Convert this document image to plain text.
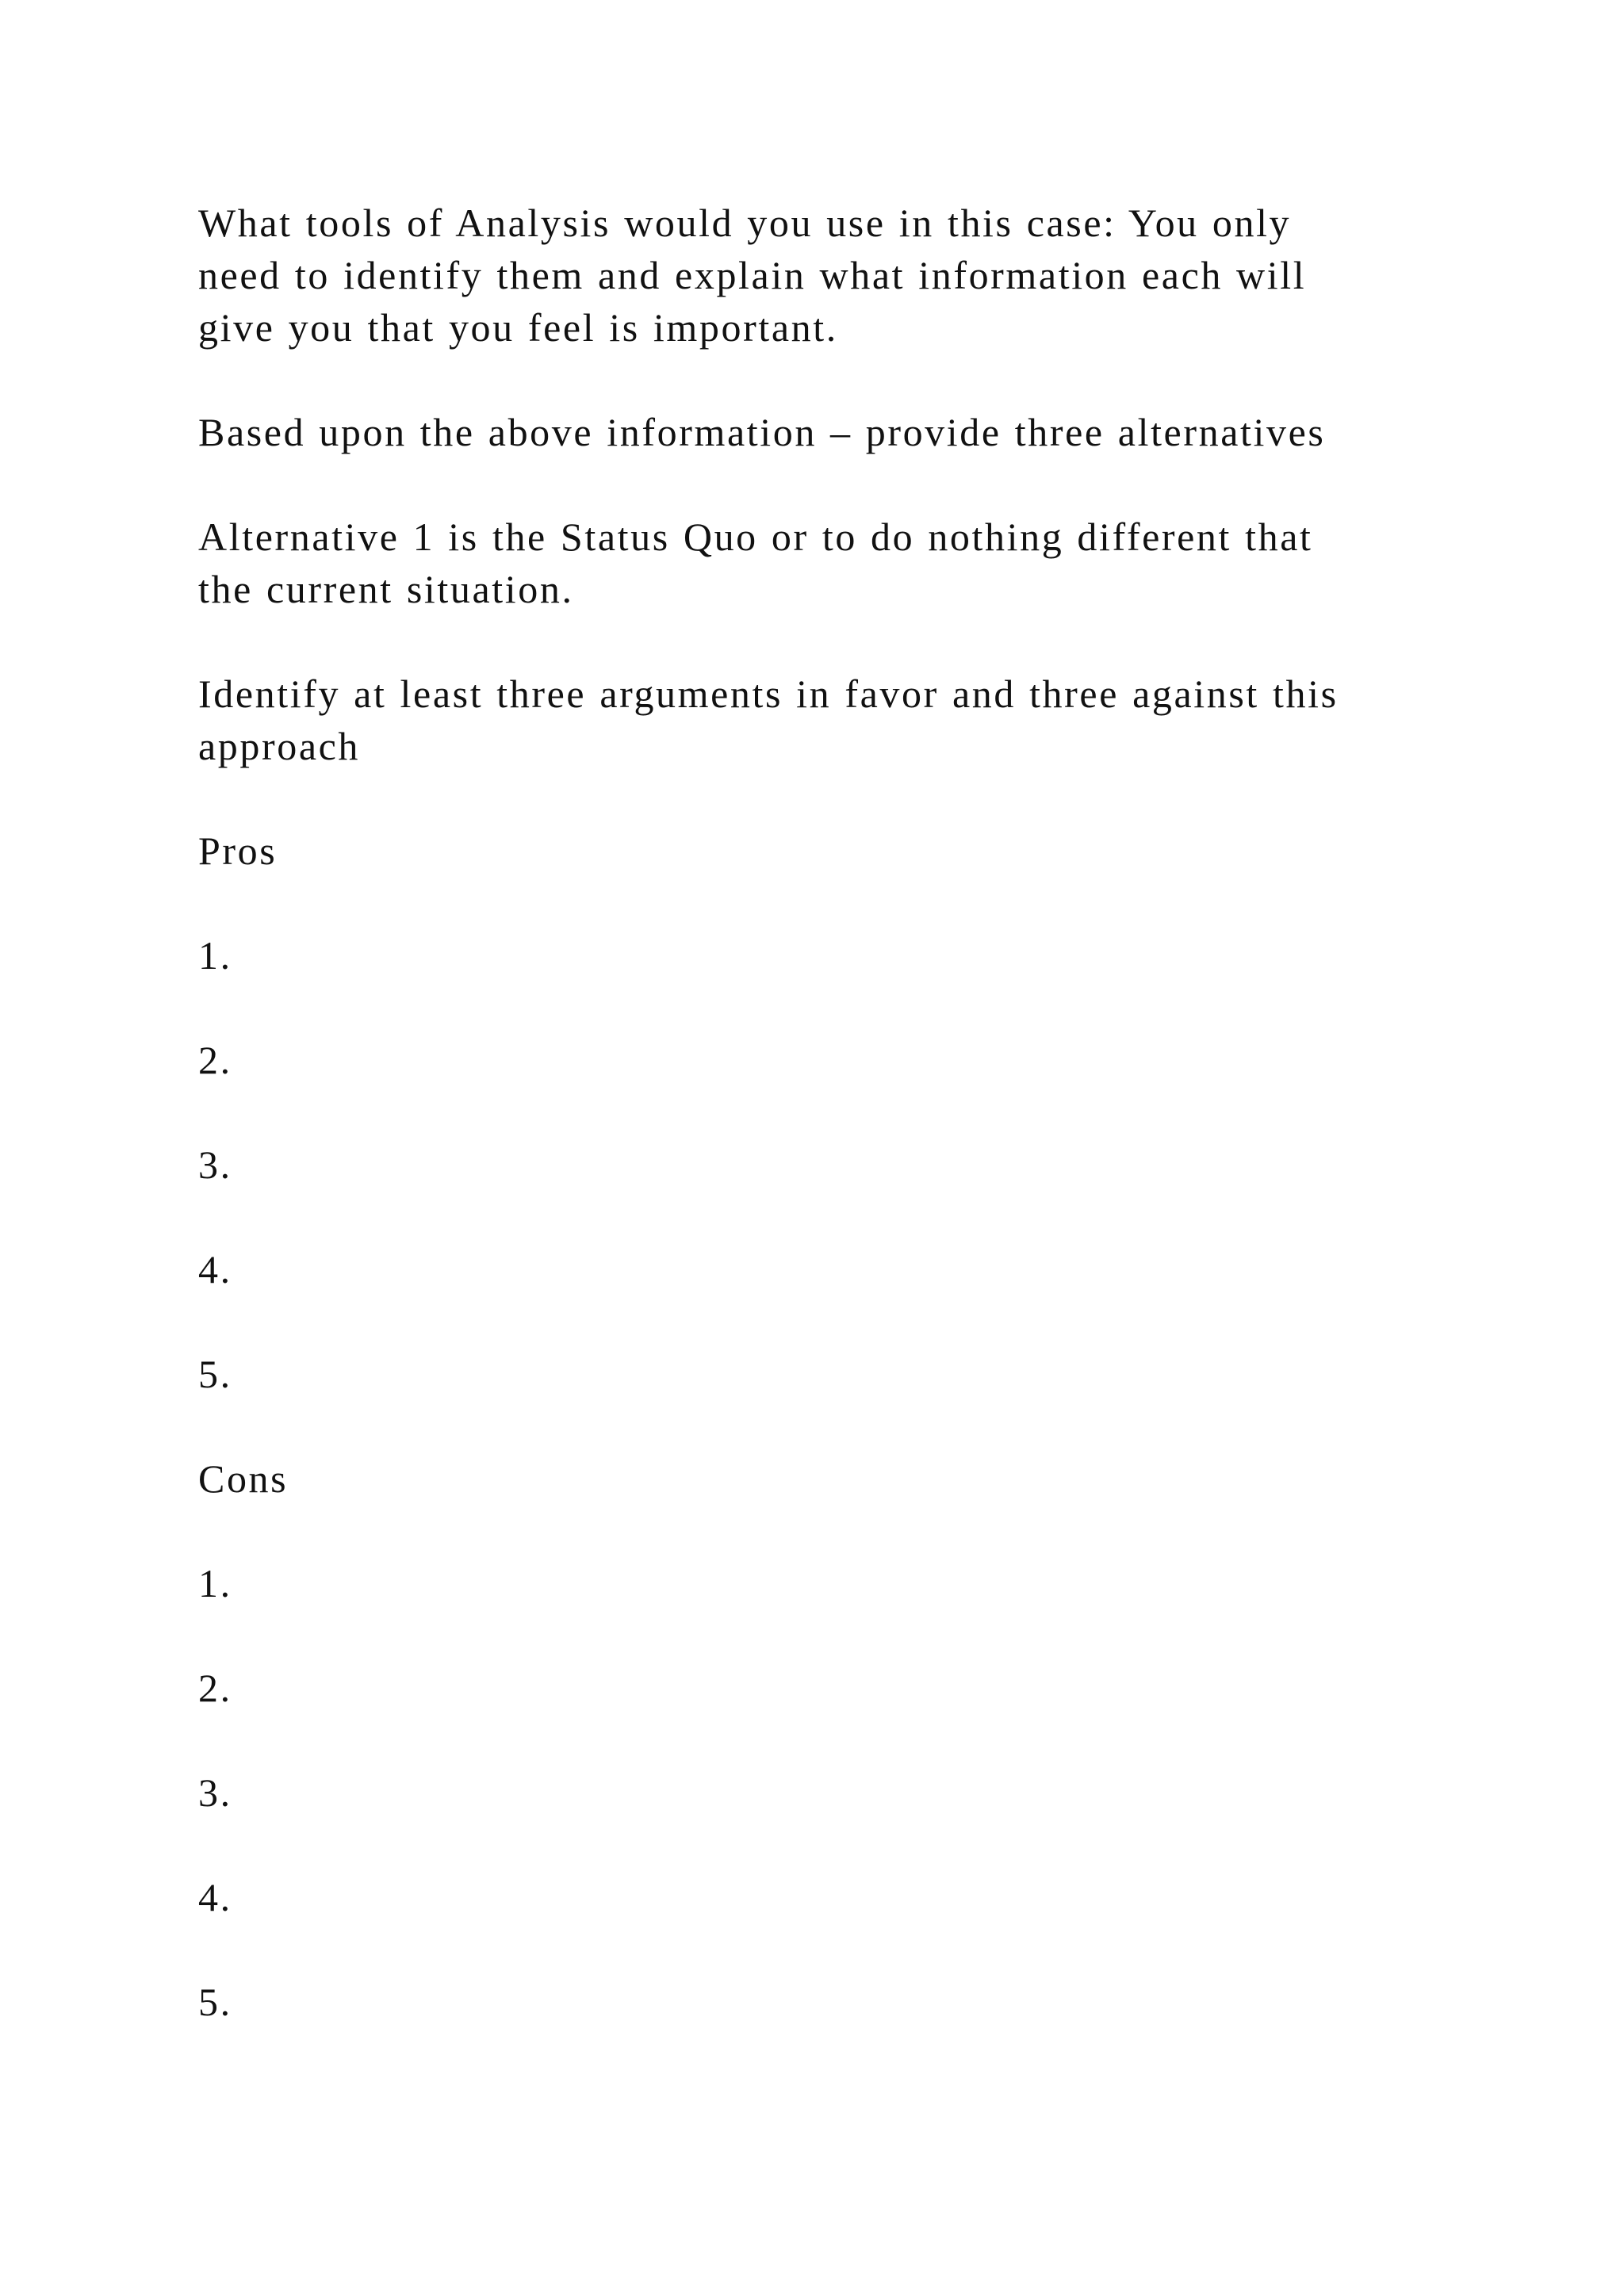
What tools of Analysis would you use in this case: You only
need to identify them and explain what information each will
give you that you feel is important.
Based upon the above information – provide three alternatives
Alternative 1 is the Status Quo or to do nothing different that
the current situation.
Identify at least three arguments in favor and three against this
approach
Pros
1.
2.
3.
4.
5.
Cons
1.
2.
3.
4.
5.
